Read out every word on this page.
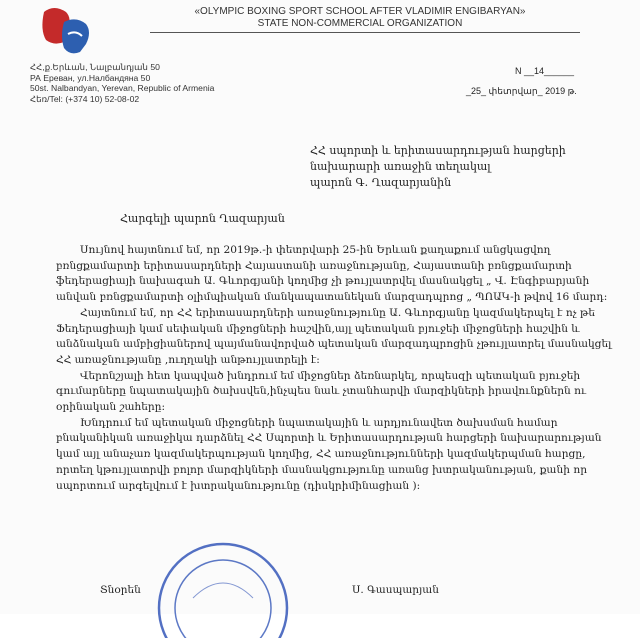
«OLYMPIC BOXING SPORT SCHOOL AFTER VLADIMIR ENGIBARYAN»
STATE NON-COMMERCIAL ORGANIZATION
ՀՀ,ք.Երևան, Նալբանդյան 50
РА Ереван, ул.Налбандяна 50
50st. Nalbandyan, Yerevan, Republic of Armenia
Հեռ/Tel: (+374 10) 52-08-02
N __14______
_25_ փետրվար_ 2019 թ.
ՀՀ սպորտի և երիտասարդության հարցերի
նախարարի առաջին տեղակալ
պարոն Գ. Ղազարյանին
Հարգելի պարոն Ղազարյան

Սույնով հայտնում եմ, որ 2019թ.-ի փետրվարի 25-ին Երևան քաղաքում անցկացվող բռնցքամարտի երիտասարդների Հայաստանի առաջնությանը, Հայաստանի բռնցքամարտի ֆեդերացիայի նախագահ Ա. Գևորգյանի կողմից չի թույլատրվել մասնակցել „ Վ. Էնգիբարյանի անվան բռնցքամարտի օլիմպիական մանկապատանեկան մարզադպրոց „ ՊՈԱԿ-ի թվով 16 մարդ:

Հայտնում եմ, որ ՀՀ երիտասարդների առաջնությունը Ա. Գևորգյանը կազմակերպել է ոչ թե Ֆեդերացիայի կամ սեփական միջոցների հաշվին,այլ պետական բյուջեի միջոցների հաշվին և անձնական ամբիցիաներով պայմանավորված պետական մարզադպրոցին չթույլատրել մասնակցել ՀՀ առաջնությանը ,ուղղակի անթույլատրելի է:

Վերոնշյալի հետ կապված խնդրում եմ միջոցներ ձեռնարկել, որպեսզի պետական բյուջեի գումարները նպատակային ծախսվեն,ինչպես նաև չտանհարվի մարզիկների իրավունքներն ու օրինական շահերը:

Խնդրում եմ պետական միջոցների նպատակային և արդյունավետ ծախսման համար բնականիկան առաջիկա դարձնել ՀՀ Սպորտի և Երիտասարդության հարցերի նախարարության կամ այլ անաչառ կազմակերպության կողմից, ՀՀ առաջնությունների կազմակերպման հարցը, որտեղ կթույլատրվի բոլոր մարզիկների մասնակցությունը առանց խտրականության, քանի որ սպորտում արգելվում է խտրականությունը (դիսկրիմինացիան ):

Տնօրեն	Ս. Գասպարյան
